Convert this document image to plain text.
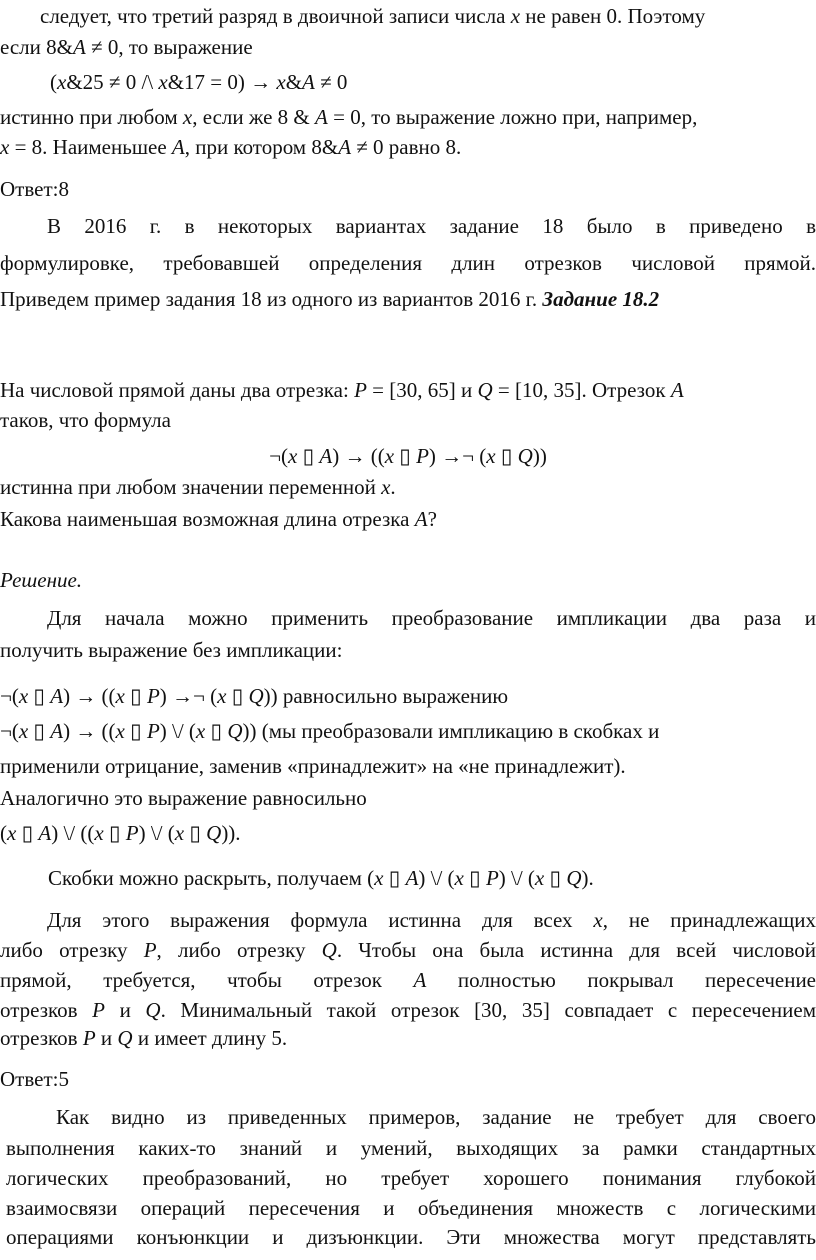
следует, что третий разряд в двоичной записи числа x не равен 0. Поэтому
если 8&A ≠ 0, то выражение
(x&25 ≠ 0 /\ x&17 = 0) → x&A ≠ 0
истинно при любом x, если же 8 & A = 0, то выражение ложно при, например,
x = 8. Наименьшее A, при котором 8&A ≠ 0 равно 8.
Ответ:8
В 2016 г. в некоторых вариантах задание 18 было в приведено в
формулировке, требовавшей определения длин отрезков числовой прямой.
Приведем пример задания 18 из одного из вариантов 2016 г. Задание 18.2
На числовой прямой даны два отрезка: P = [30, 65] и Q = [10, 35]. Отрезок A
таков, что формула
¬(x ▯ A) → ((x ▯ P) →¬ (x ▯ Q))
истинна при любом значении переменной x.
Какова наименьшая возможная длина отрезка A?
Решение.
Для начала можно применить преобразование импликации два раза и
получить выражение без импликации:
¬(x ▯ A) → ((x ▯ P) →¬ (x ▯ Q)) равносильно выражению
¬(x ▯ A) → ((x ▯ P) \/ (x ▯ Q)) (мы преобразовали импликацию в скобках и
применили отрицание, заменив «принадлежит» на «не принадлежит).
Аналогично это выражение равносильно
(x ▯ A) \/ ((x ▯ P) \/ (x ▯ Q)).
Скобки можно раскрыть, получаем (x ▯ A) \/ (x ▯ P) \/ (x ▯ Q).
Для этого выражения формула истинна для всех x, не принадлежащих
либо отрезку P, либо отрезку Q. Чтобы она была истинна для всей числовой
прямой, требуется, чтобы отрезок A полностью покрывал пересечение
отрезков P и Q. Минимальный такой отрезок [30, 35] совпадает с пересечением
отрезков P и Q и имеет длину 5.
Ответ:5
Как видно из приведенных примеров, задание не требует для своего
выполнения каких-то знаний и умений, выходящих за рамки стандартных
логических преобразований, но требует хорошего понимания глубокой
взаимосвязи операций пересечения и объединения множеств с логическими
операциями конъюнкции и дизъюнкции. Эти множества могут представлять
